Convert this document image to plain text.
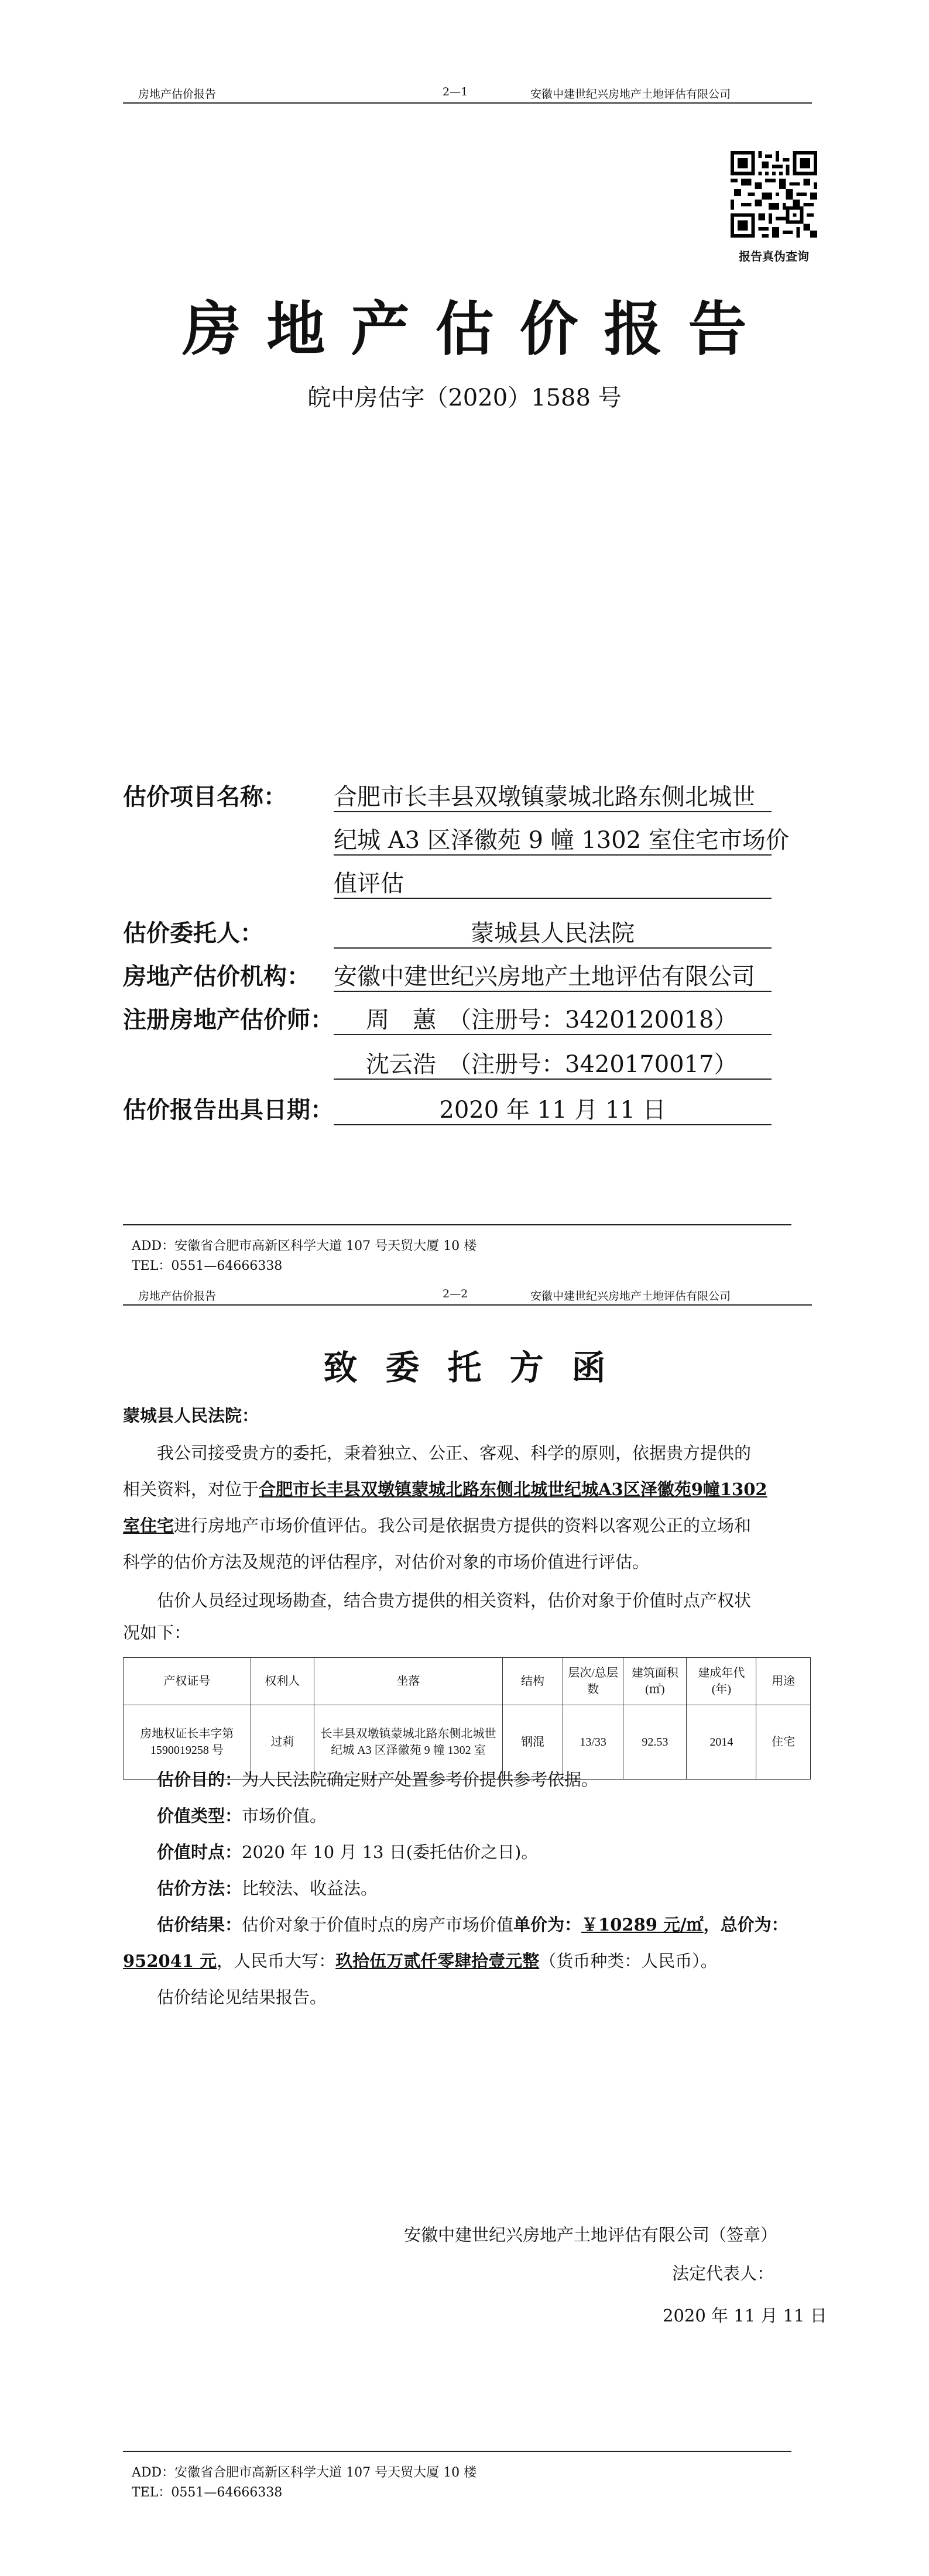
房地产估价报告	2—1	安徽中建世纪兴房地产土地评估有限公司
报告真伪查询
房地产估价报告
皖中房估字（2020）1588 号
估价项目名称： 合肥市长丰县双墩镇蒙城北路东侧北城世
纪城 A3 区泽徽苑 9 幢 1302 室住宅市场价
值评估
估价委托人：	蒙城县人民法院
房地产估价机构： 安徽中建世纪兴房地产土地评估有限公司
注册房地产估价师： 周　蕙　（注册号：3420120018）
沈云浩　（注册号：3420170017）
估价报告出具日期：	2020 年 11 月 11 日
ADD：安徽省合肥市高新区科学大道 107 号天贸大厦 10 楼
TEL：0551—64666338
房地产估价报告	2—2	安徽中建世纪兴房地产土地评估有限公司
致委托方函
蒙城县人民法院：
我公司接受贵方的委托，秉着独立、公正、客观、科学的原则，依据贵方提供的
相关资料，对位于合肥市长丰县双墩镇蒙城北路东侧北城世纪城A3区泽徽苑9幢1302
室住宅进行房地产市场价值评估。我公司是依据贵方提供的资料以客观公正的立场和
科学的估价方法及规范的评估程序，对估价对象的市场价值进行评估。
估价人员经过现场勘查，结合贵方提供的相关资料，估价对象于价值时点产权状
况如下：
产权证号	权利人	坐落	结构	层次/总层数	建筑面积(㎡)	建成年代(年)	用途
房地权证长丰字第 1590019258 号	过莉	长丰县双墩镇蒙城北路东侧北城世纪城 A3 区泽徽苑 9 幢 1302 室	钢混	13/33	92.53	2014	住宅
估价目的：为人民法院确定财产处置参考价提供参考依据。
价值类型：市场价值。
价值时点：2020 年 10 月 13 日(委托估价之日)。
估价方法：比较法、收益法。
估价结果：估价对象于价值时点的房产市场价值单价为：￥10289 元/㎡，总价为：
952041 元，人民币大写：玖拾伍万贰仟零肆拾壹元整（货币种类：人民币）。
估价结论见结果报告。
安徽中建世纪兴房地产土地评估有限公司（签章）
法定代表人：
2020 年 11 月 11 日
ADD：安徽省合肥市高新区科学大道 107 号天贸大厦 10 楼
TEL：0551—64666338
